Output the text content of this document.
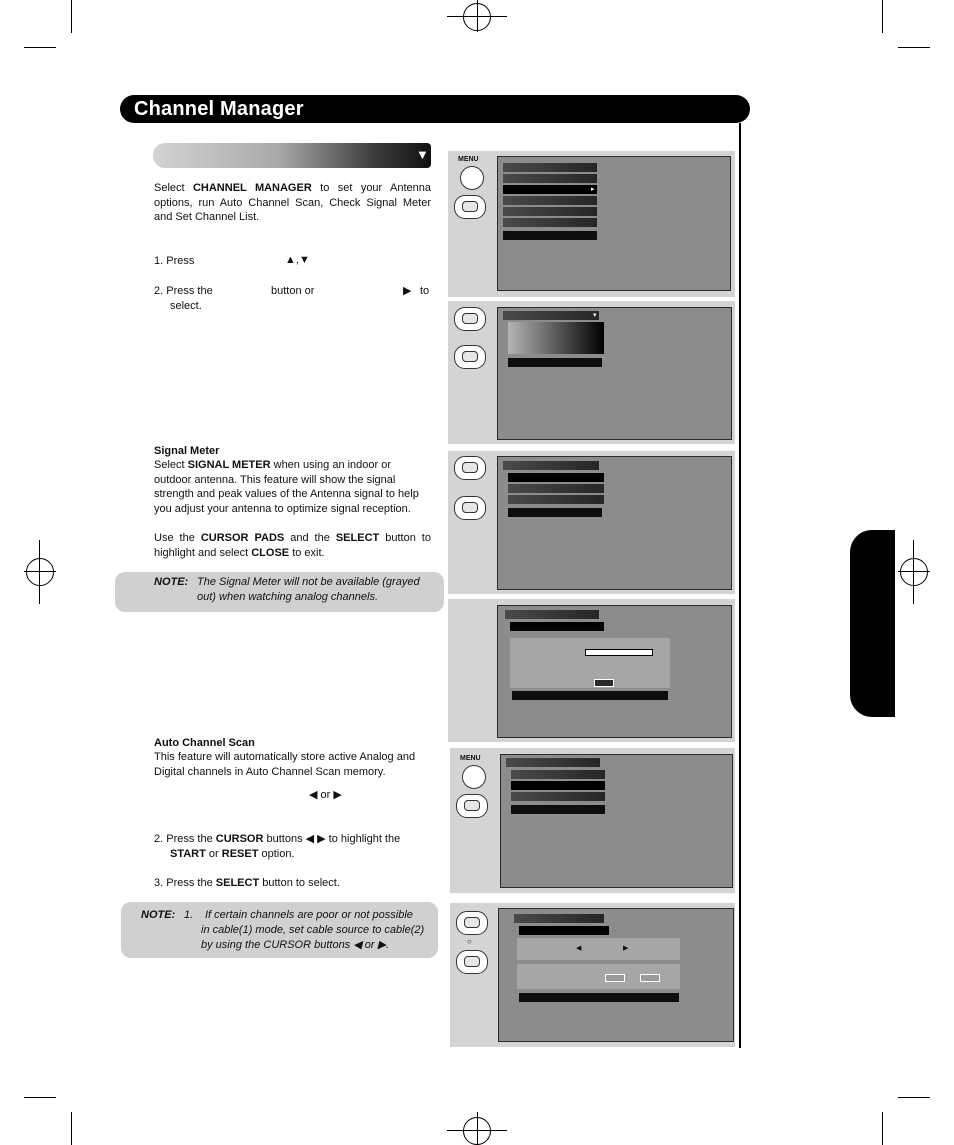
Channel Manager
▼
Select CHANNEL MANAGER to set your Antenna options, run Auto Channel Scan, Check Signal Meter and Set Channel List.
1. Press	▲,▼
2. Press the	button or	▶ to
select.
Signal Meter
Select SIGNAL METER when using an indoor or outdoor antenna. This feature will show the signal strength and peak values of the Antenna signal to help you adjust your antenna to optimize signal reception.
Use the CURSOR PADS and the SELECT button to highlight and select CLOSE to exit.
NOTE: The Signal Meter will not be available (grayed
out) when watching analog channels.
Auto Channel Scan
This feature will automatically store active Analog and Digital channels in Auto Channel Scan memory.
◀ or ▶
2. Press the CURSOR buttons ◀ ▶ to highlight the
START or RESET option.
3. Press the SELECT button to select.
NOTE: 1. If certain channels are poor or not possible
in cable(1) mode, set cable source to cable(2)
by using the CURSOR buttons ◀ or ▶.
MENU
▸
▾
MENU
○
◀	▶
